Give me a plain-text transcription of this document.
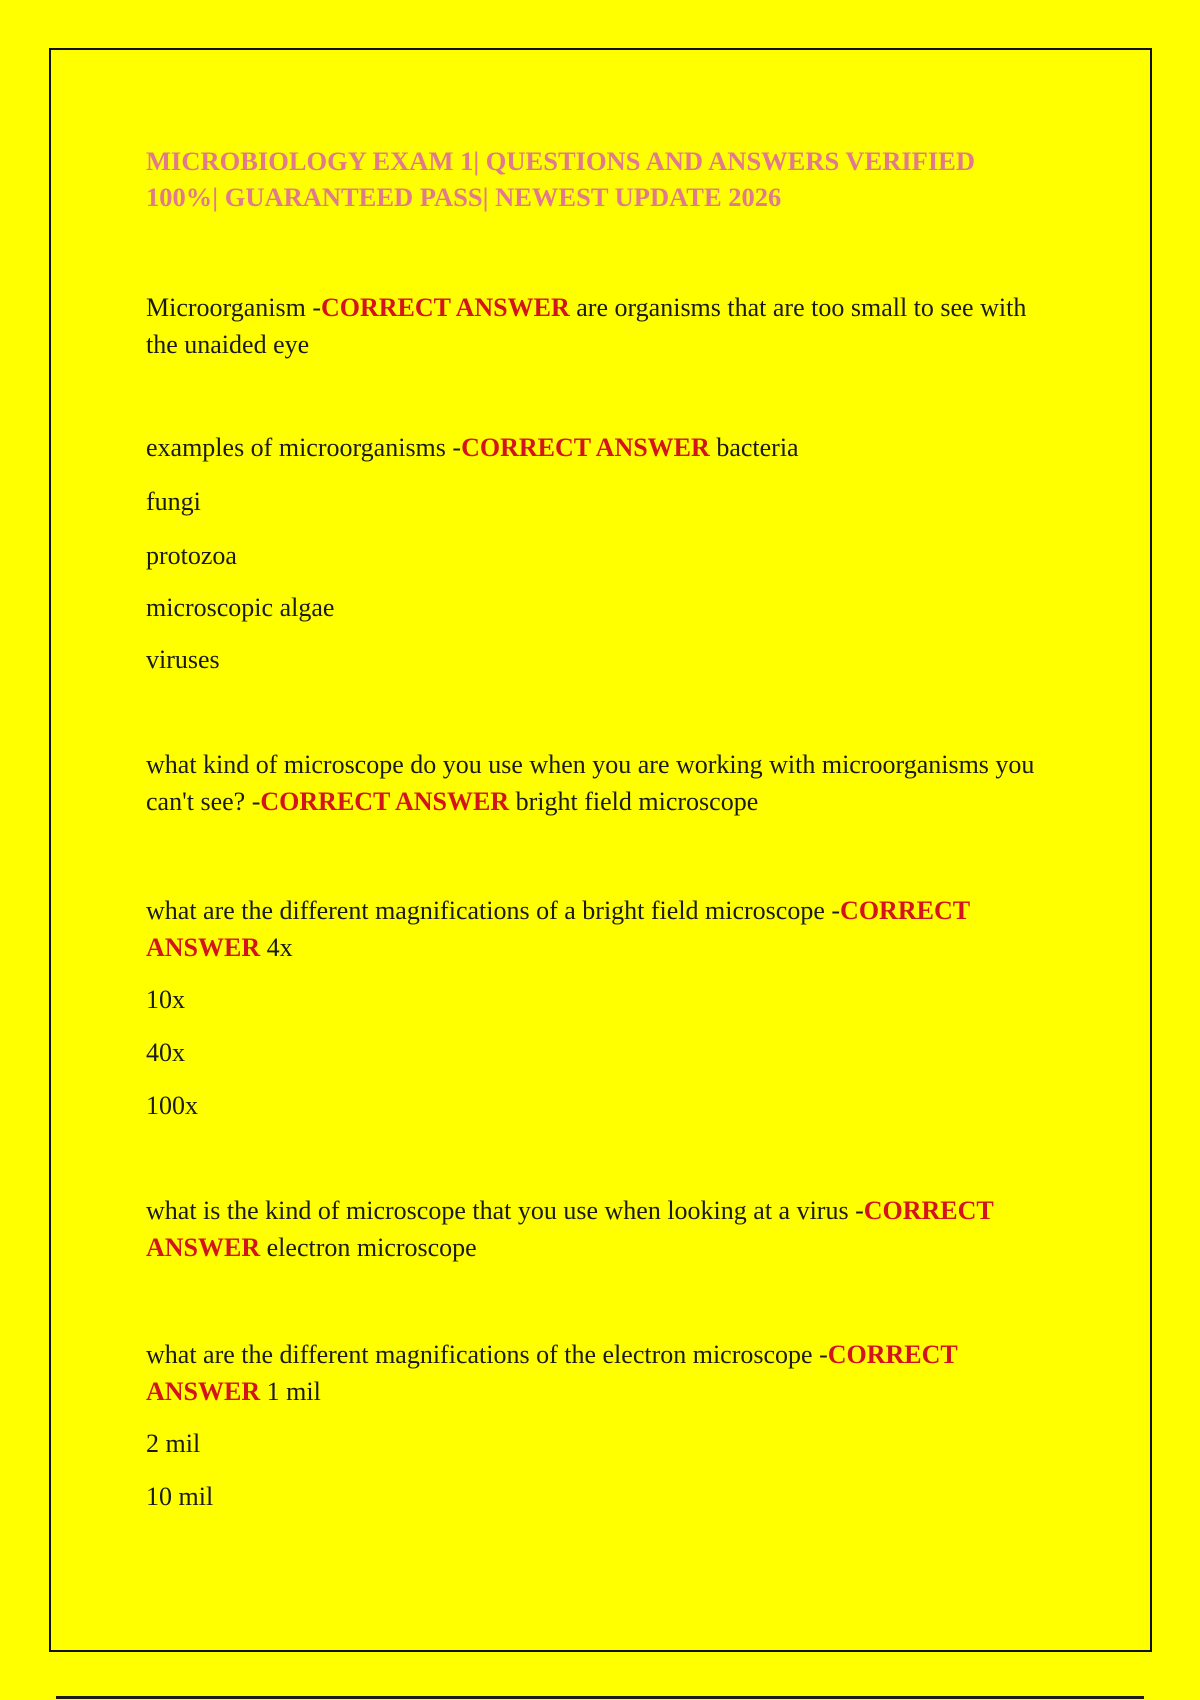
MICROBIOLOGY EXAM 1| QUESTIONS AND ANSWERS VERIFIED
100%| GUARANTEED PASS| NEWEST UPDATE 2026

Microorganism -CORRECT ANSWER are organisms that are too small to see with the unaided eye

examples of microorganisms -CORRECT ANSWER bacteria

fungi

protozoa

microscopic algae

viruses

what kind of microscope do you use when you are working with microorganisms you can't see? -CORRECT ANSWER bright field microscope

what are the different magnifications of a bright field microscope -CORRECT ANSWER 4x

10x

40x

100x

what is the kind of microscope that you use when looking at a virus -CORRECT ANSWER electron microscope

what are the different magnifications of the electron microscope -CORRECT ANSWER 1 mil

2 mil

10 mil
